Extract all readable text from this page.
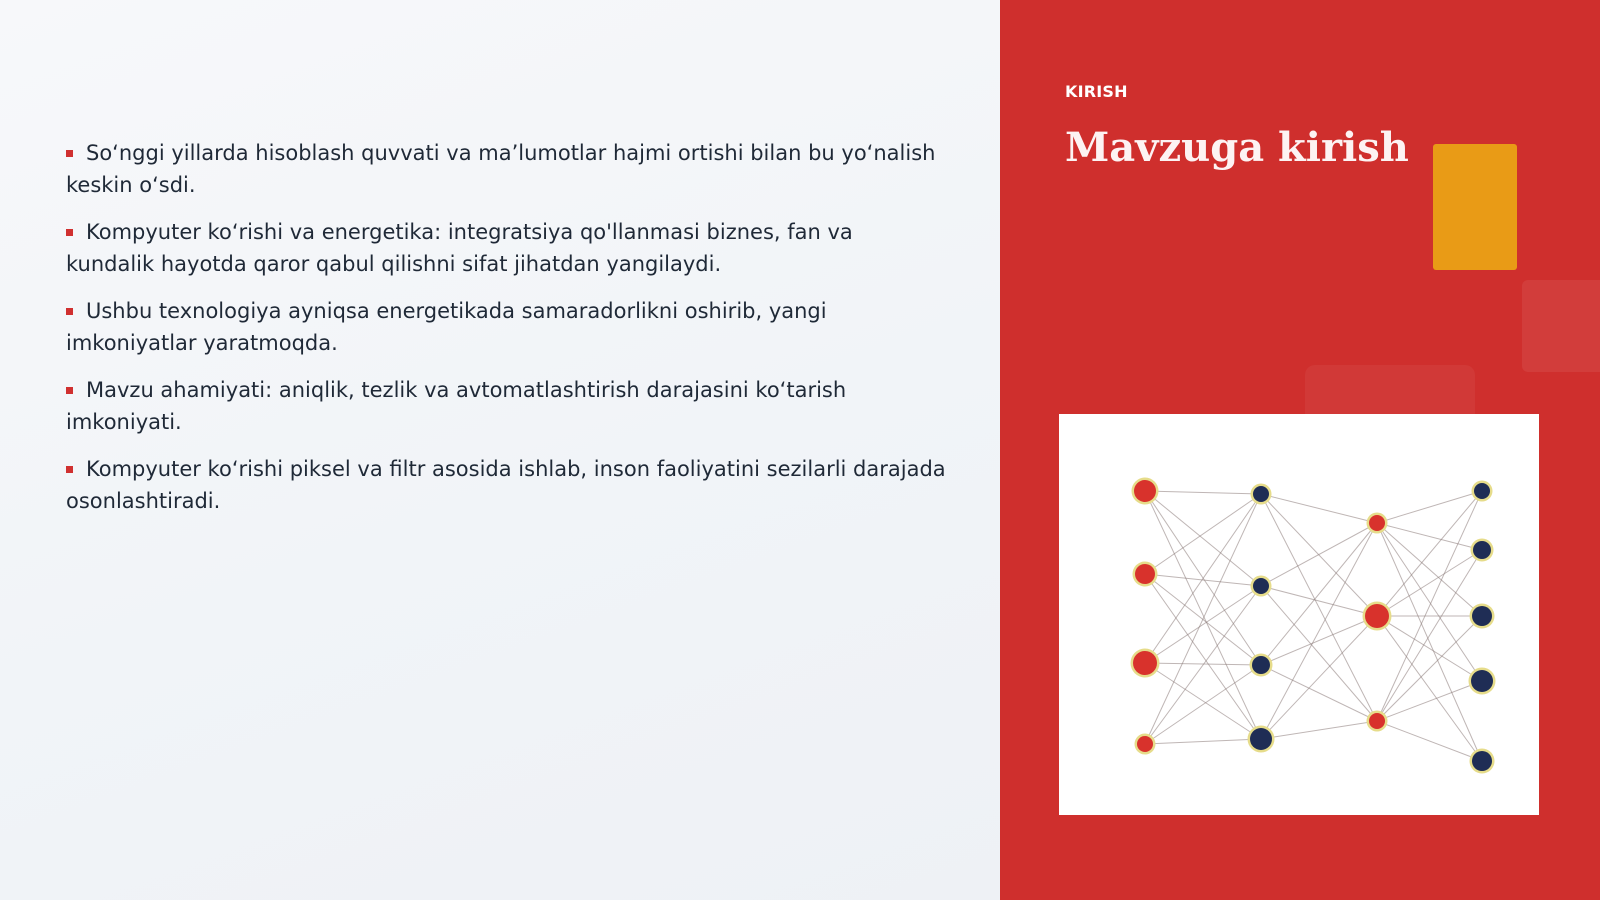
So‘nggi yillarda hisoblash quvvati va ma’lumotlar hajmi ortishi bilan bu yo‘nalish keskin o‘sdi.
Kompyuter ko‘rishi va energetika: integratsiya qo'llanmasi biznes, fan va kundalik hayotda qaror qabul qilishni sifat jihatdan yangilaydi.
Ushbu texnologiya ayniqsa energetikada samaradorlikni oshirib, yangi imkoniyatlar yaratmoqda.
Mavzu ahamiyati: aniqlik, tezlik va avtomatlashtirish darajasini ko‘tarish imkoniyati.
Kompyuter ko‘rishi piksel va filtr asosida ishlab, inson faoliyatini sezilarli darajada osonlashtiradi.
KIRISH
Mavzuga kirish
